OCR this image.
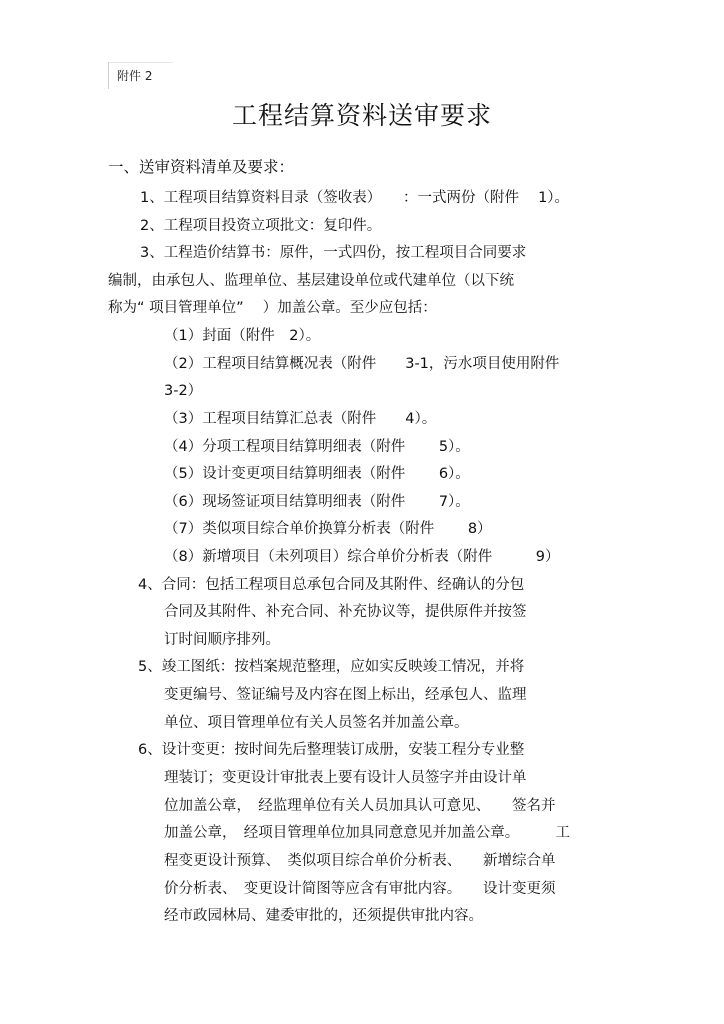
附件 2
工程结算资料送审要求
一、送审资料清单及要求：
1、工程项目结算资料目录（签收表）　　：一式两份（附件　 1）。
2、工程项目投资立项批文：复印件。
3、工程造价结算书：原件，一式四份，按工程项目合同要求
编制，由承包人、监理单位、基层建设单位或代建单位（以下统
称为“ 项目管理单位”　 ）加盖公章。至少应包括：
（1）封面（附件　2）。
（2）工程项目结算概况表（附件　　3-1，污水项目使用附件
3-2）
（3）工程项目结算汇总表（附件　　4）。
（4）分项工程项目结算明细表（附件　　 5）。
（5）设计变更项目结算明细表（附件　　 6）。
（6）现场签证项目结算明细表（附件　　 7）。
（7）类似项目综合单价换算分析表（附件　　 8）
（8）新增项目（未列项目）综合单价分析表（附件　　　9）
4、合同：包括工程项目总承包合同及其附件、经确认的分包
合同及其附件、补充合同、补充协议等，提供原件并按签
订时间顺序排列。
5、竣工图纸：按档案规范整理，应如实反映竣工情况，并将
变更编号、签证编号及内容在图上标出，经承包人、监理
单位、项目管理单位有关人员签名并加盖公章。
6、设计变更：按时间先后整理装订成册，安装工程分专业整
理装订；变更设计审批表上要有设计人员签字并由设计单
位加盖公章，　经监理单位有关人员加具认可意见、　　签名并
加盖公章，　经项目管理单位加具同意意见并加盖公章。　　　工
程变更设计预算、　类似项目综合单价分析表、　　新增综合单
价分析表、　变更设计简图等应含有审批内容。　　设计变更须
经市政园林局、建委审批的，还须提供审批内容。
